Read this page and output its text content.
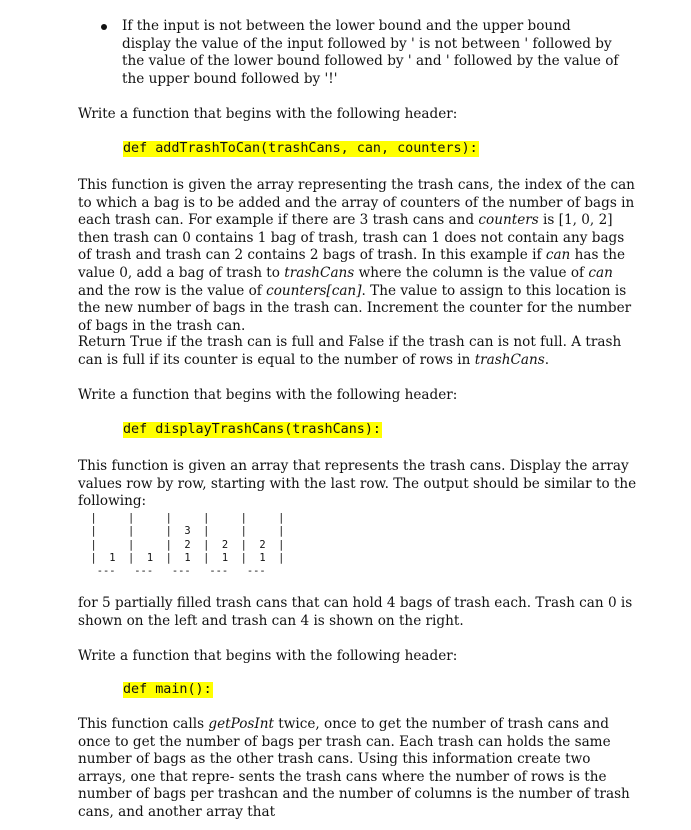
If the input is not between the lower bound and the upper bound display the value of the input followed by ' is not between ' followed by the value of the lower bound followed by ' and ' followed by the value of the upper bound followed by '!'

Write a function that begins with the following header:

def addTrashToCan(trashCans, can, counters):

This function is given the array representing the trash cans, the index of the can to which a bag is to be added and the array of counters of the number of bags in each trash can. For example if there are 3 trash cans and counters is [1, 0, 2] then trash can 0 contains 1 bag of trash, trash can 1 does not contain any bags of trash and trash can 2 contains 2 bags of trash. In this example if can has the value 0, add a bag of trash to trashCans where the column is the value of can and the row is the value of counters[can]. The value to assign to this location is the new number of bags in the trash can. Increment the counter for the number of bags in the trash can.

Return True if the trash can is full and False if the trash can is not full. A trash can is full if its counter is equal to the number of rows in trashCans.

Write a function that begins with the following header:

def displayTrashCans(trashCans):

This function is given an array that represents the trash cans. Display the array values row by row, starting with the last row. The output should be similar to the following:

|     |     |     |     |     |
|     |     |  3  |     |     |
|     |     |  2  |  2  |  2  |
|  1  |  1  |  1  |  1  |  1  |
---   ---   ---   ---   ---

for 5 partially filled trash cans that can hold 4 bags of trash each. Trash can 0 is shown on the left and trash can 4 is shown on the right.

Write a function that begins with the following header:

def main():

This function calls getPosInt twice, once to get the number of trash cans and once to get the number of bags per trash can. Each trash can holds the same number of bags as the other trash cans. Using this information create two arrays, one that repre- sents the trash cans where the number of rows is the number of bags per trashcan and the number of columns is the number of trash cans, and another array that
